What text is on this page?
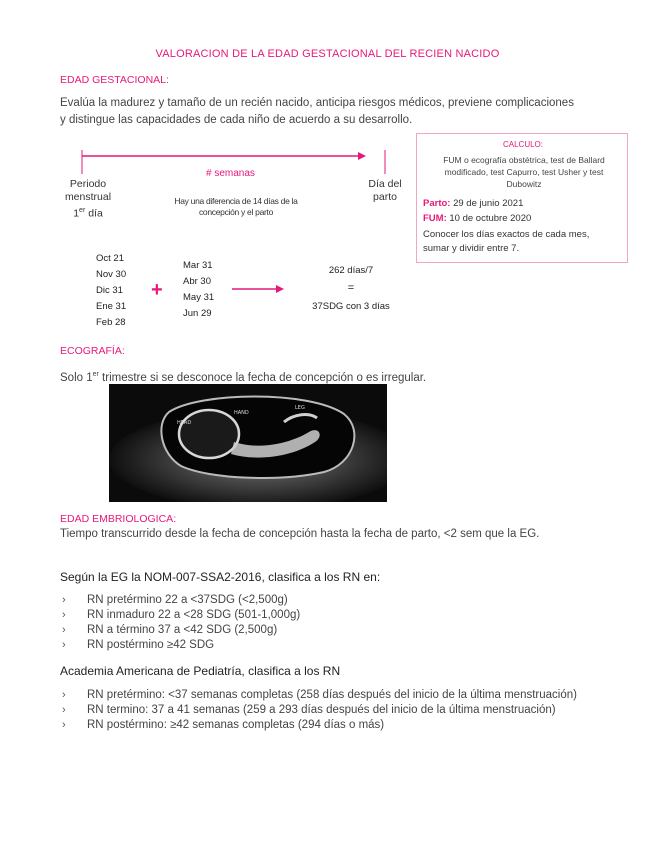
VALORACION DE LA EDAD GESTACIONAL DEL RECIEN NACIDO
EDAD GESTACIONAL:
Evalúa la madurez y tamaño de un recién nacido, anticipa riesgos médicos, previene complicaciones
y distingue las capacidades de cada niño de acuerdo a su desarrollo.
# semanas
Periodo
menstrual
1er día
Día del
parto
Hay una diferencia de 14 días de la
concepción y el parto
CALCULO:
FUM o ecografía obstétrica, test de Ballard
modificado, test Capurro, test Usher y test
Dubowitz
Parto: 29 de junio 2021
FUM: 10 de octubre 2020
Conocer los días exactos de cada mes,
sumar y dividir entre 7.
Oct 21
Nov 30
Dic 31
Ene 31
Feb 28
+
Mar 31
Abr 30
May 31
Jun 29
262 días/7
=
37SDG con 3 días
ECOGRAFÍA:
Solo 1er trimestre si se desconoce la fecha de concepción o es irregular.
HEAD
HAND
LEG
EDAD EMBRIOLOGICA:
Tiempo transcurrido desde la fecha de concepción hasta la fecha de parto, <2 sem que la EG.
Según la EG la NOM-007-SSA2-2016, clasifica a los RN en:
› RN pretérmino 22 a <37SDG (<2,500g)
› RN inmaduro 22 a <28 SDG (501-1,000g)
› RN a término 37 a <42 SDG (2,500g)
› RN postérmino ≥42 SDG
Academia Americana de Pediatría, clasifica a los RN
› RN pretérmino: <37 semanas completas (258 días después del inicio de la última menstruación)
› RN termino: 37 a 41 semanas (259 a 293 días después del inicio de la última menstruación)
› RN postérmino: ≥42 semanas completas (294 días o más)
